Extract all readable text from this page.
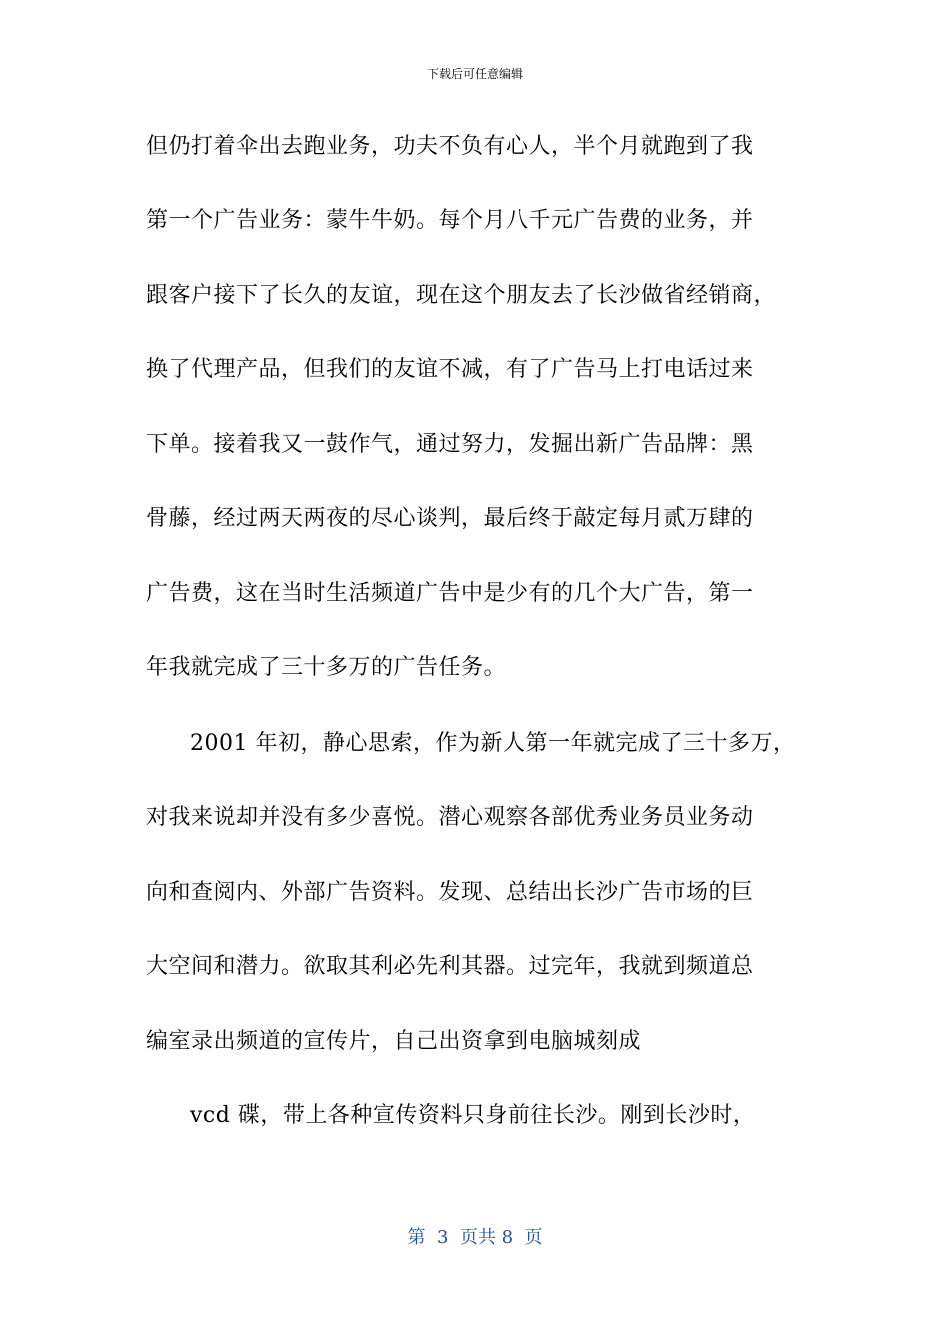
下载后可任意编辑
但仍打着伞出去跑业务，功夫不负有心人，半个月就跑到了我
第一个广告业务：蒙牛牛奶。每个月八千元广告费的业务，并
跟客户接下了长久的友谊，现在这个朋友去了长沙做省经销商，
换了代理产品，但我们的友谊不减，有了广告马上打电话过来
下单。接着我又一鼓作气，通过努力，发掘出新广告品牌：黑
骨藤，经过两天两夜的尽心谈判，最后终于敲定每月贰万肆的
广告费，这在当时生活频道广告中是少有的几个大广告，第一
年我就完成了三十多万的广告任务。
2001 年初，静心思索，作为新人第一年就完成了三十多万，
对我来说却并没有多少喜悦。潜心观察各部优秀业务员业务动
向和查阅内、外部广告资料。发现、总结出长沙广告市场的巨
大空间和潜力。欲取其利必先利其器。过完年，我就到频道总
编室录出频道的宣传片，自己出资拿到电脑城刻成
vcd 碟，带上各种宣传资料只身前往长沙。刚到长沙时，
第  3  页共 8  页
